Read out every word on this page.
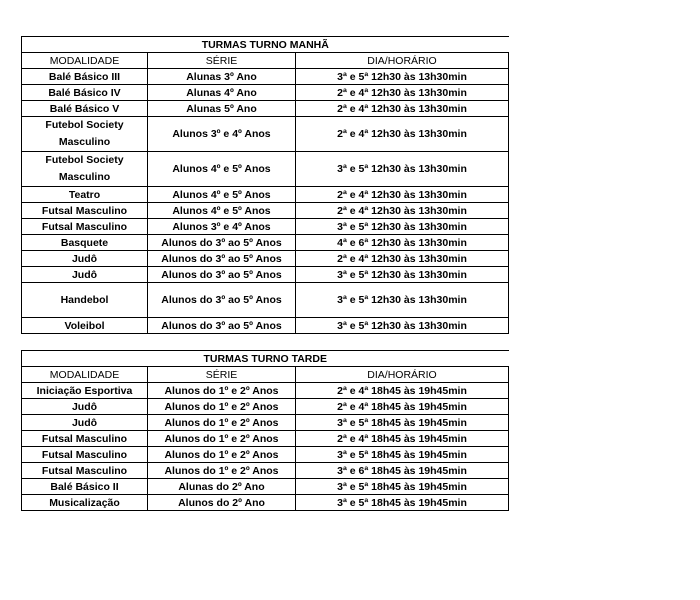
TURMAS TURNO MANHÃ		
MODALIDADE	SÉRIE	DIA/HORÁRIO
Balé Básico III	Alunas 3º Ano	3ª e 5ª 12h30 às 13h30min
Balé Básico IV	Alunas 4º Ano	2ª e 4ª 12h30 às 13h30min
Balé Básico V	Alunas 5º Ano	2ª e 4ª 12h30 às 13h30min
Futebol Society Masculino	Alunos 3º e 4º Anos	2ª e 4ª 12h30 às 13h30min
Futebol Society Masculino	Alunos 4º e 5º Anos	3ª e 5ª 12h30 às 13h30min
Teatro	Alunos 4º e 5º Anos	2ª e 4ª 12h30 às 13h30min
Futsal Masculino	Alunos 4º e 5º Anos	2ª e 4ª 12h30 às 13h30min
Futsal Masculino	Alunos 3º e 4º Anos	3ª e 5ª 12h30 às 13h30min
Basquete	Alunos do 3º ao 5º Anos	4ª e 6ª 12h30 às 13h30min
Judô	Alunos do 3º ao 5º Anos	2ª e 4ª 12h30 às 13h30min
Judô	Alunos do 3º ao 5º Anos	3ª e 5ª 12h30 às 13h30min
Handebol	Alunos do 3º ao 5º Anos	3ª e 5ª 12h30 às 13h30min
Voleibol	Alunos do 3º ao 5º Anos	3ª e 5ª 12h30 às 13h30min
TURMAS TURNO TARDE		
MODALIDADE	SÉRIE	DIA/HORÁRIO
Iniciação Esportiva	Alunos do 1º e 2º Anos	2ª e 4ª 18h45 às 19h45min
Judô	Alunos do 1º e 2º Anos	2ª e 4ª 18h45 às 19h45min
Judô	Alunos do 1º e 2º Anos	3ª e 5ª 18h45 às 19h45min
Futsal Masculino	Alunos do 1º e 2º Anos	2ª e 4ª 18h45 às 19h45min
Futsal Masculino	Alunos do 1º e 2º Anos	3ª e 5ª 18h45 às 19h45min
Futsal Masculino	Alunos do 1º e 2º Anos	3ª e 6ª 18h45 às 19h45min
Balé Básico II	Alunas do 2º Ano	3ª e 5ª 18h45 às 19h45min
Musicalização	Alunos do 2º Ano	3ª e 5ª 18h45 às 19h45min
